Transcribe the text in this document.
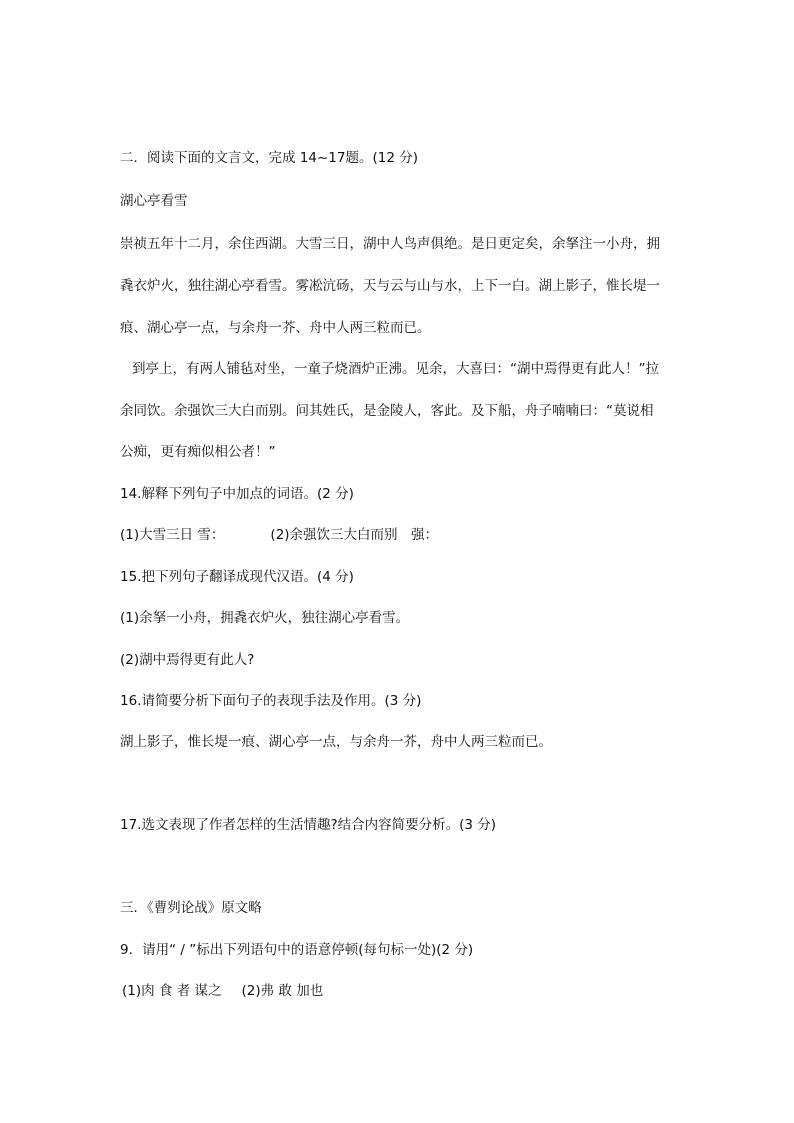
二．阅读下面的文言文，完成 14~17题。(12 分)
湖心亭看雪
崇祯五年十二月，余住西湖。大雪三日，湖中人鸟声俱绝。是日更定矣，余拏注一小舟，拥
毳衣炉火，独往湖心亭看雪。雾凇沆砀，天与云与山与水，上下一白。湖上影子，惟长堤一
痕、湖心亭一点，与余舟一芥、舟中人两三粒而已。
到亭上，有两人铺毡对坐，一童子烧酒炉正沸。见余，大喜曰：“湖中焉得更有此人！”拉
余同饮。余强饮三大白而别。问其姓氏，是金陵人，客此。及下船，舟子喃喃曰：“莫说相
公痴，更有痴似相公者！”
14.解释下列句子中加点的词语。(2 分)
(1)大雪三日 雪：	(2)余强饮三大白而别　强：
15.把下列句子翻译成现代汉语。(4 分)
(1)余拏一小舟，拥毳衣炉火，独往湖心亭看雪。
(2)湖中焉得更有此人?
16.请简要分析下面句子的表现手法及作用。(3 分)
湖上影子，惟长堤一痕、湖心亭一点，与余舟一芥，舟中人两三粒而已。
17.选文表现了作者怎样的生活情趣?结合内容简要分析。(3 分)
三．《曹刿论战》原文略
9．请用“ / ”标出下列语句中的语意停顿(每句标一处)(2 分)
(1)肉 食 者 谋之 (2)弗 敢 加也
